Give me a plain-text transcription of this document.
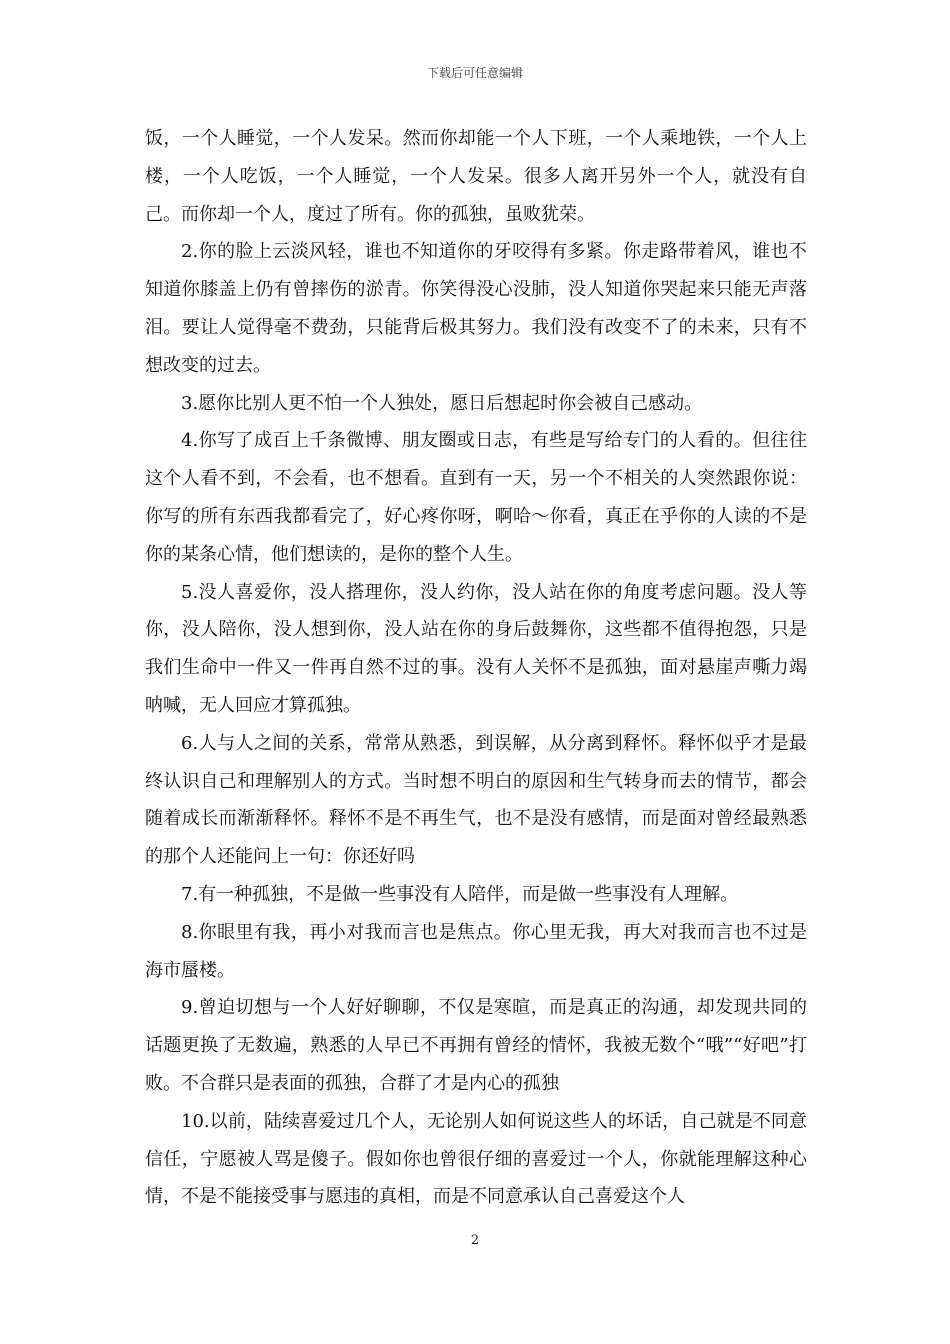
下载后可任意编辑

饭，一个人睡觉，一个人发呆。然而你却能一个人下班，一个人乘地铁，一个人上楼，一个人吃饭，一个人睡觉，一个人发呆。很多人离开另外一个人，就没有自己。而你却一个人，度过了所有。你的孤独，虽败犹荣。

2.你的脸上云淡风轻，谁也不知道你的牙咬得有多紧。你走路带着风，谁也不知道你膝盖上仍有曾摔伤的淤青。你笑得没心没肺，没人知道你哭起来只能无声落泪。要让人觉得毫不费劲，只能背后极其努力。我们没有改变不了的未来，只有不想改变的过去。

3.愿你比别人更不怕一个人独处，愿日后想起时你会被自己感动。

4.你写了成百上千条微博、朋友圈或日志，有些是写给专门的人看的。但往往这个人看不到，不会看，也不想看。直到有一天，另一个不相关的人突然跟你说：你写的所有东西我都看完了，好心疼你呀，啊哈～你看，真正在乎你的人读的不是你的某条心情，他们想读的，是你的整个人生。

5.没人喜爱你，没人搭理你，没人约你，没人站在你的角度考虑问题。没人等你，没人陪你，没人想到你，没人站在你的身后鼓舞你，这些都不值得抱怨，只是我们生命中一件又一件再自然不过的事。没有人关怀不是孤独，面对悬崖声嘶力竭呐喊，无人回应才算孤独。

6.人与人之间的关系，常常从熟悉，到误解，从分离到释怀。释怀似乎才是最终认识自己和理解别人的方式。当时想不明白的原因和生气转身而去的情节，都会随着成长而渐渐释怀。释怀不是不再生气，也不是没有感情，而是面对曾经最熟悉的那个人还能问上一句：你还好吗

7.有一种孤独，不是做一些事没有人陪伴，而是做一些事没有人理解。

8.你眼里有我，再小对我而言也是焦点。你心里无我，再大对我而言也不过是海市蜃楼。

9.曾迫切想与一个人好好聊聊，不仅是寒暄，而是真正的沟通，却发现共同的话题更换了无数遍，熟悉的人早已不再拥有曾经的情怀，我被无数个“哦”“好吧”打败。不合群只是表面的孤独，合群了才是内心的孤独

10.以前，陆续喜爱过几个人，无论别人如何说这些人的坏话，自己就是不同意信任，宁愿被人骂是傻子。假如你也曾很仔细的喜爱过一个人，你就能理解这种心情，不是不能接受事与愿违的真相，而是不同意承认自己喜爱这个人

2
